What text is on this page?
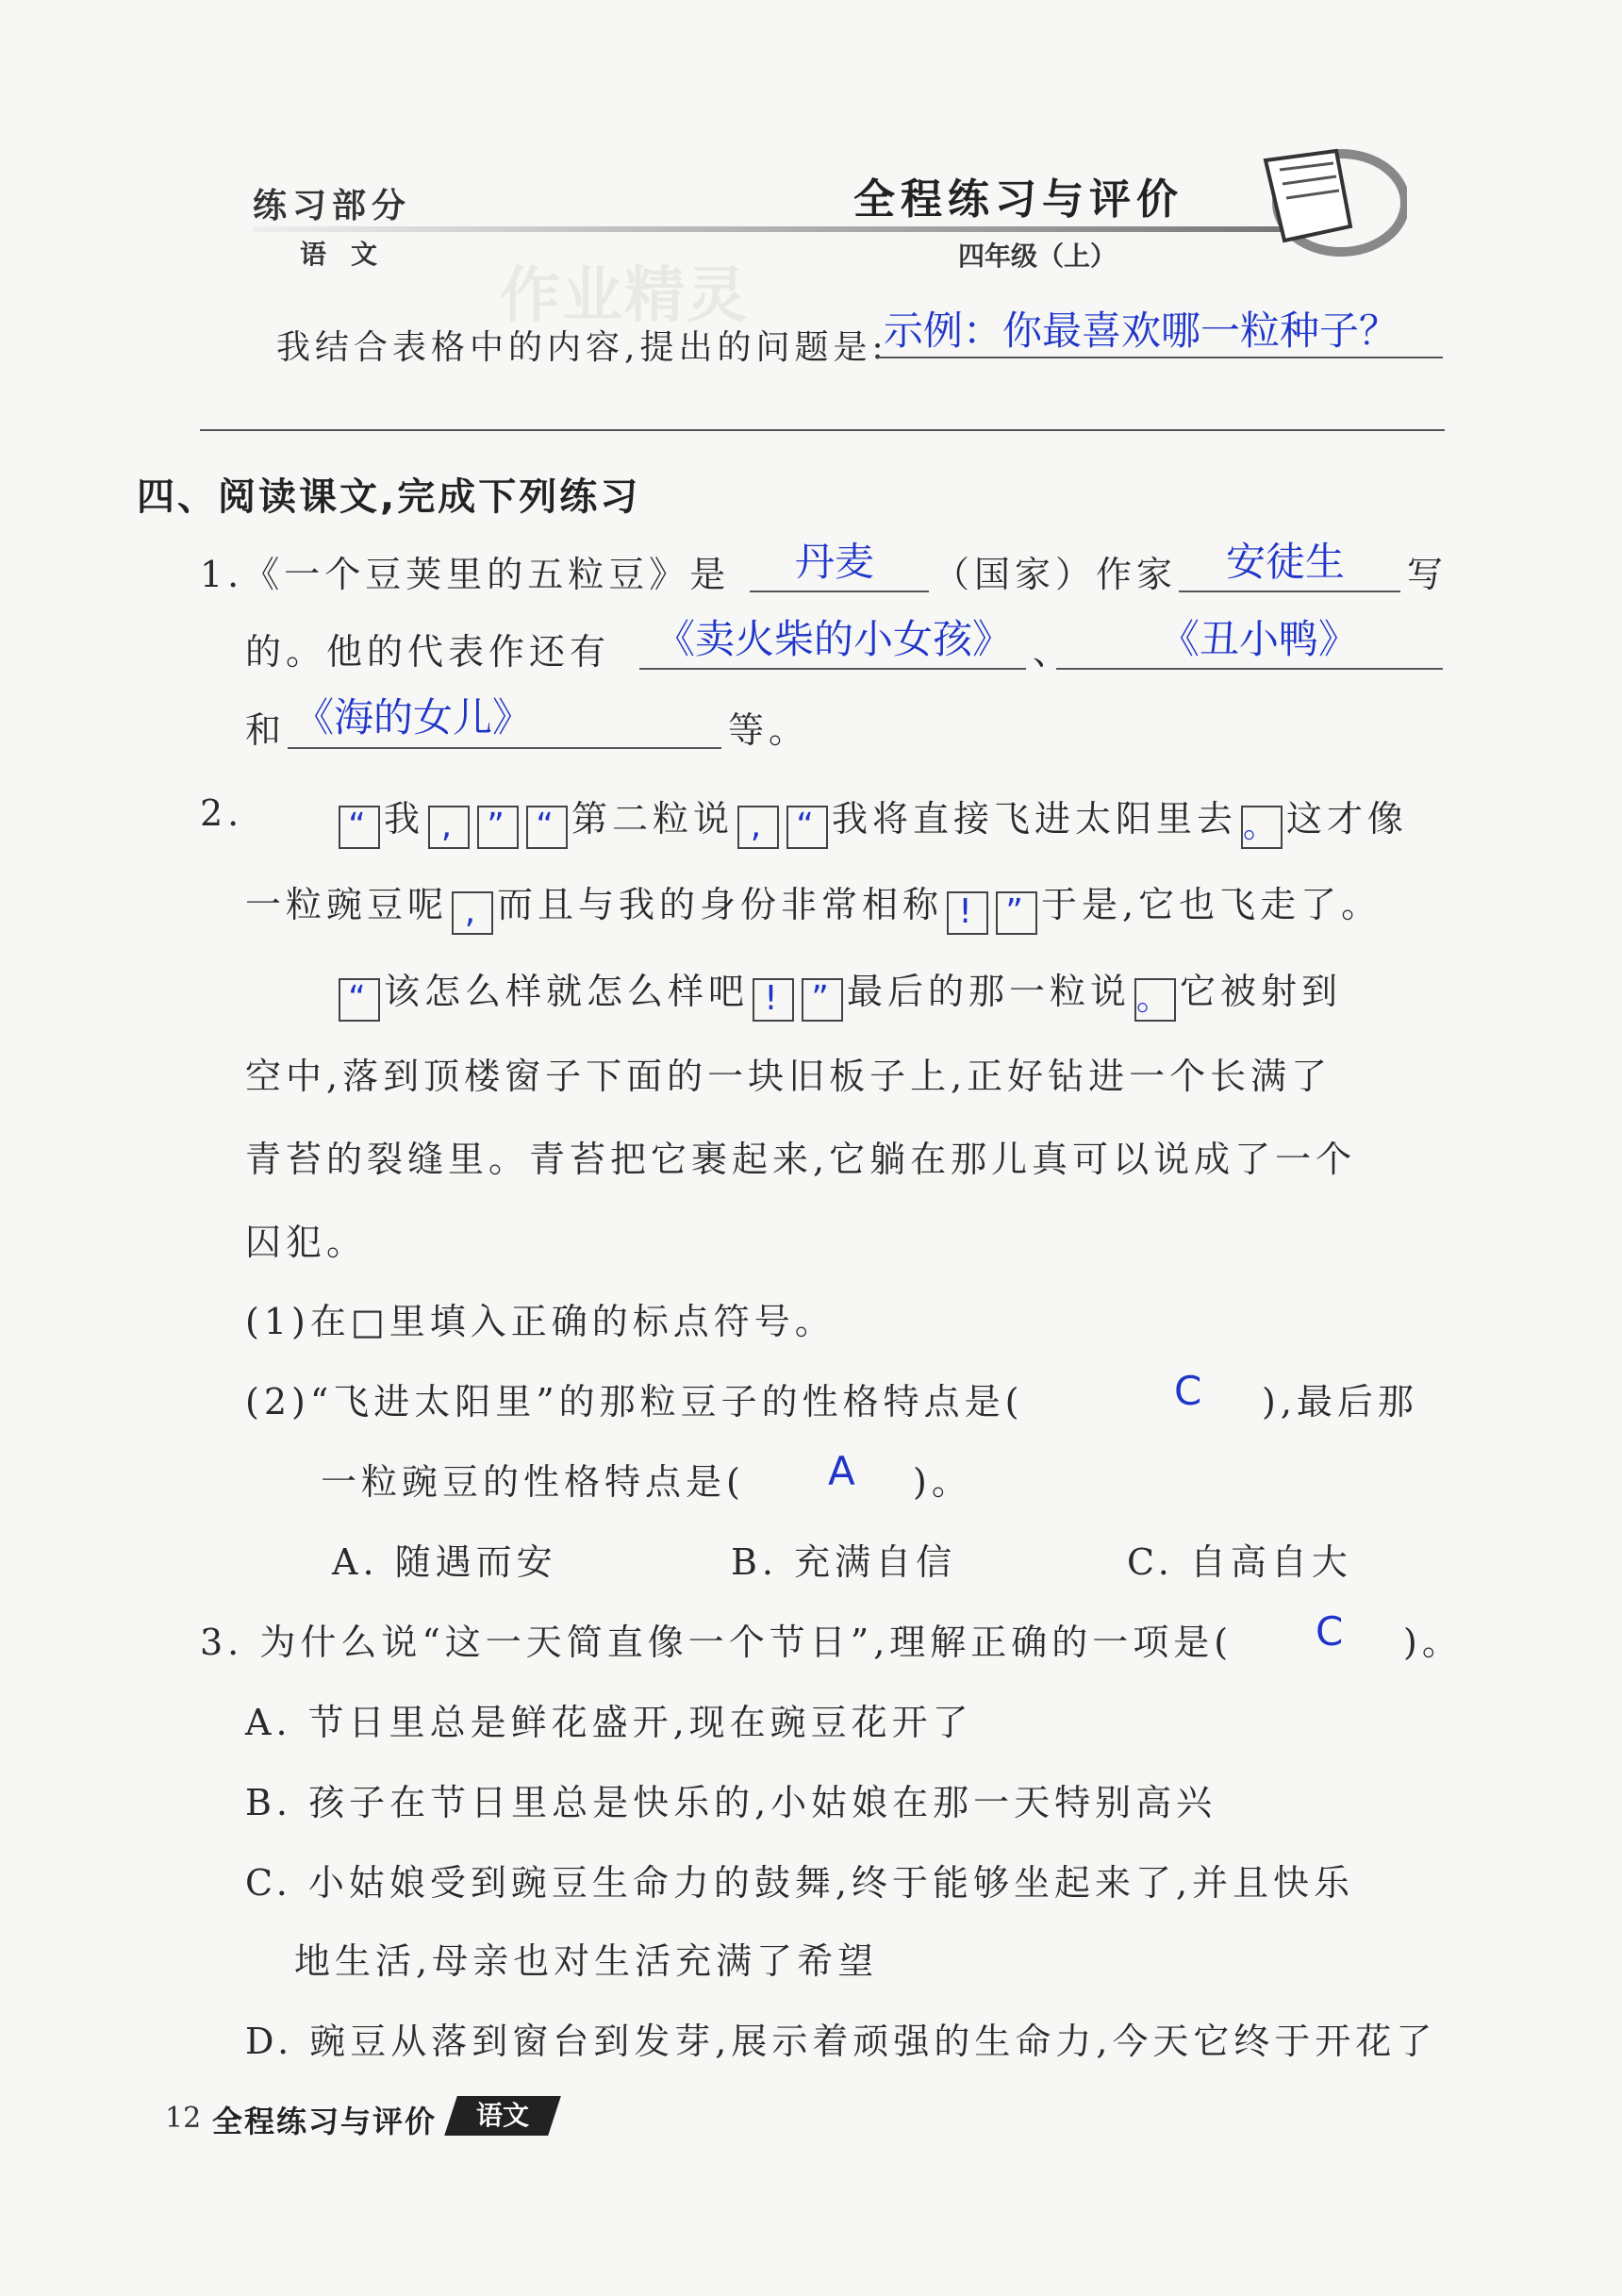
练习部分
语文
全程练习与评价
四年级（上）
作业精灵
我结合表格中的内容,提出的问题是:
示例：你最喜欢哪一粒种子？
四、阅读课文,完成下列练习
1.《一个豆荚里的五粒豆》是 丹麦 （国家）作家 安徒生 写
的。他的代表作还有 《卖火柴的小女孩》 、 《丑小鸭》
和 《海的女儿》	等。
2.	“ 我 , ” “ 第二粒说 , “ 我将直接飞进太阳里去 。 这才像
一粒豌豆呢 , 而且与我的身份非常相称 ! ” 于是,它也飞走了。
“ 该怎么样就怎么样吧 ! ” 最后的那一粒说 。 它被射到
空中,落到顶楼窗子下面的一块旧板子上,正好钻进一个长满了
青苔的裂缝里。青苔把它裹起来,它躺在那儿真可以说成了一个
囚犯。
(1)在□里填入正确的标点符号。
(2)“飞进太阳里”的那粒豆子的性格特点是(	C ),最后那
一粒豌豆的性格特点是( A )。
A. 随遇而安	B. 充满自信	C. 自高自大
3. 为什么说“这一天简直像一个节日”,理解正确的一项是( C )。
A. 节日里总是鲜花盛开,现在豌豆花开了
B. 孩子在节日里总是快乐的,小姑娘在那一天特别高兴
C. 小姑娘受到豌豆生命力的鼓舞,终于能够坐起来了,并且快乐
地生活,母亲也对生活充满了希望
D. 豌豆从落到窗台到发芽,展示着顽强的生命力,今天它终于开花了
12 全程练习与评价	语文
